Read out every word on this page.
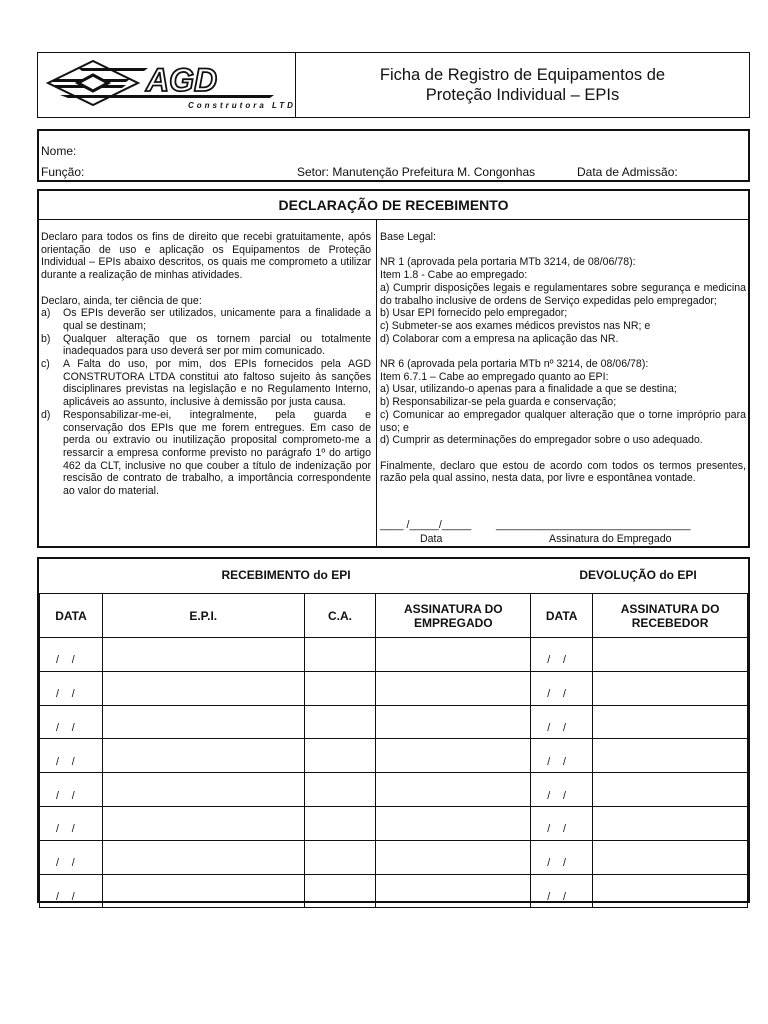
AGD
Construtora LTDA
Ficha de Registro de Equipamentos de
Proteção Individual – EPIs
Nome:
Função:	Setor: Manutenção Prefeitura M. Congonhas	Data de Admissão:
DECLARAÇÃO DE RECEBIMENTO

Declaro para todos os fins de direito que recebi gratuitamente, após orientação de uso e aplicação os Equipamentos de Proteção Individual – EPIs abaixo descritos, os quais me comprometo a utilizar durante a realização de minhas atividades.

Declaro, ainda, ter ciência de que:

a) Os EPIs deverão ser utilizados, unicamente para a finalidade a qual se destinam;
b) Qualquer alteração que os tornem parcial ou totalmente inadequados para uso deverá ser por mim comunicado.
c) A Falta do uso, por mim, dos EPIs fornecidos pela AGD CONSTRUTORA LTDA constitui ato faltoso sujeito às sanções disciplinares previstas na legislação e no Regulamento Interno, aplicáveis ao assunto, inclusive à demissão por justa causa.
d) Responsabilizar-me-ei, integralmente, pela guarda e conservação dos EPIs que me forem entregues. Em caso de perda ou extravio ou inutilização proposital comprometo-me a ressarcir a empresa conforme previsto no parágrafo 1º do artigo 462 da CLT, inclusive no que couber a título de indenização por rescisão de contrato de trabalho, a importância correspondente ao valor do material.

Base Legal:

NR 1 (aprovada pela portaria MTb 3214, de 08/06/78):

Item 1.8 - Cabe ao empregado:

a) Cumprir disposições legais e regulamentares sobre segurança e medicina do trabalho inclusive de ordens de Serviço expedidas pelo empregador;

b) Usar EPI fornecido pelo empregador;

c) Submeter-se aos exames médicos previstos nas NR; e

d) Colaborar com a empresa na aplicação das NR.

NR 6 (aprovada pela portaria MTb nº 3214, de 08/06/78):

Item 6.7.1 – Cabe ao empregado quanto ao EPI:

a) Usar, utilizando-o apenas para a finalidade a que se destina;

b) Responsabilizar-se pela guarda e conservação;

c) Comunicar ao empregador qualquer alteração que o torne impróprio para uso; e

d) Cumprir as determinações do empregador sobre o uso adequado.

Finalmente, declaro que estou de acordo com todos os termos presentes, razão pela qual assino, nesta data, por livre e espontânea vontade.

____ /_____/_____ _________________________________
Data	Assinatura do Empregado
RECEBIMENTO do EPI	DEVOLUÇÃO do EPI
DATA	E.P.I.	C.A.	ASSINATURA DO EMPREGADO	DATA	ASSINATURA DO RECEBEDOR
/   /				/   /	
/   /				/   /	
/   /				/   /	
/   /				/   /	
/   /				/   /	
/   /				/   /	
/   /				/   /	
/   /				/   /	
